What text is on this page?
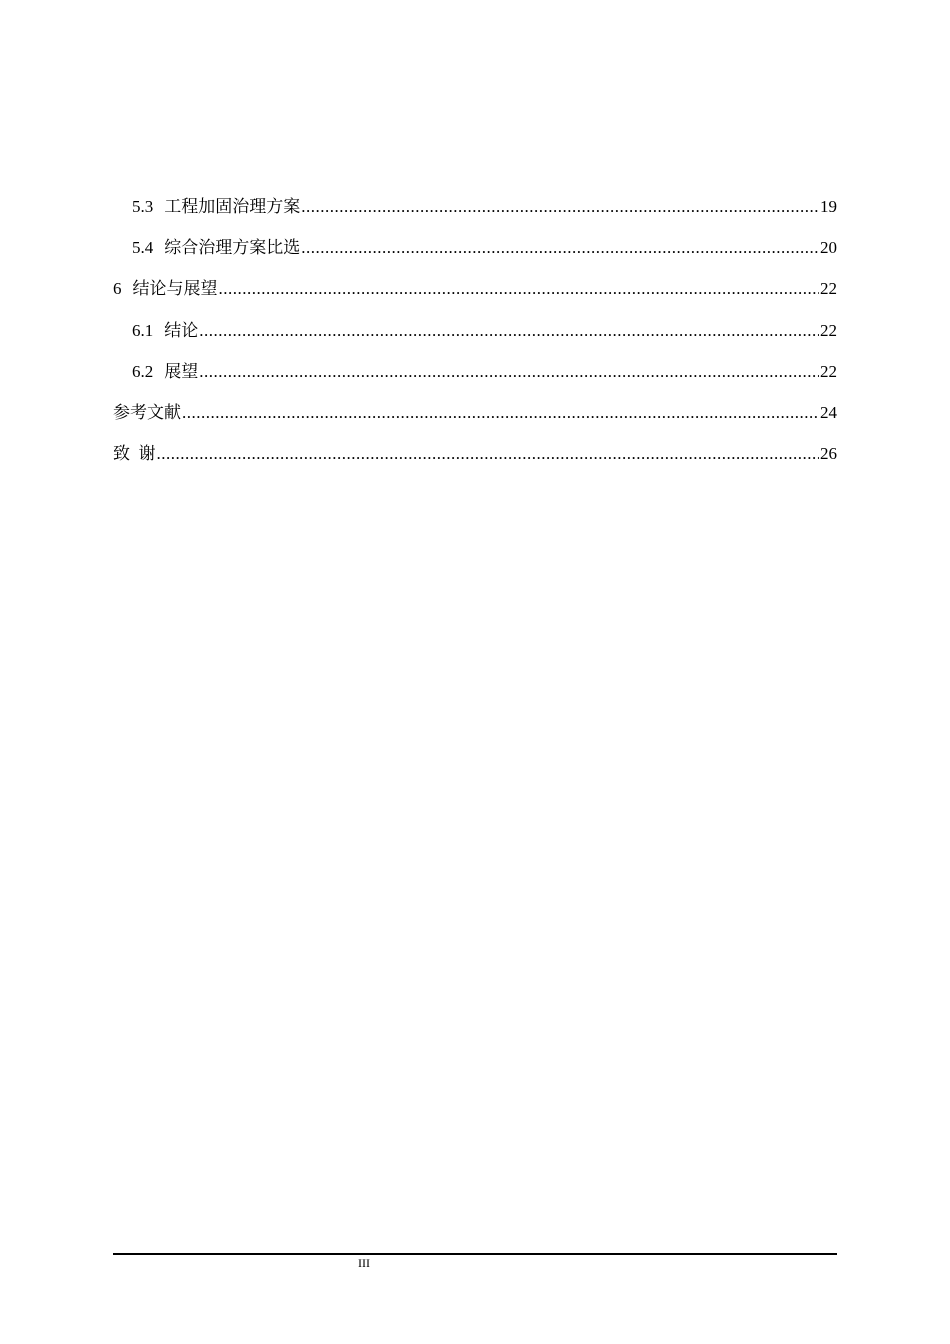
5.3 工程加固治理方案 .....	19
5.4 综合治理方案比选 .....	20
6 结论与展望 .....	22
6.1 结论 .....	22
6.2 展望 .....	22
参考文献 .....	24
致  谢 .....	26
III
